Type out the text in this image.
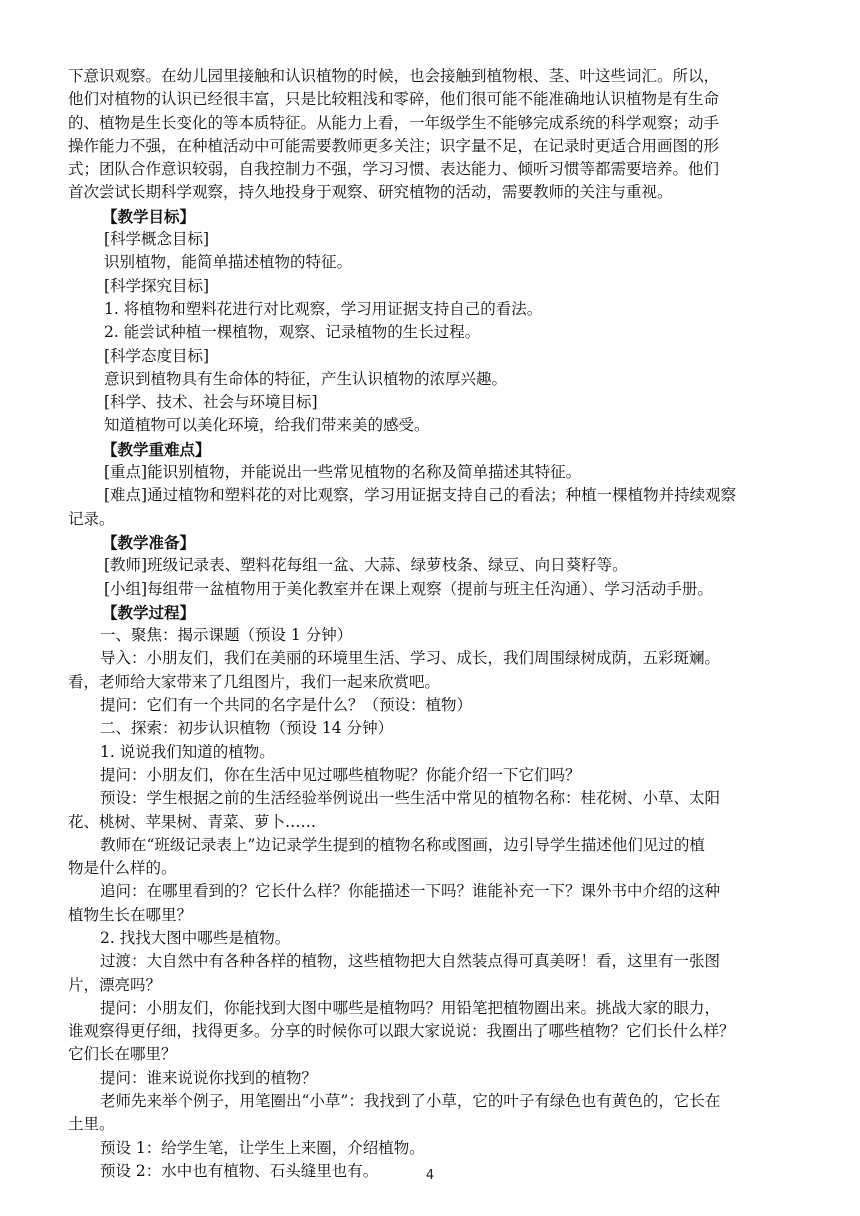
下意识观察。在幼儿园里接触和认识植物的时候，也会接触到植物根、茎、叶这些词汇。所以，
他们对植物的认识已经很丰富，只是比较粗浅和零碎，他们很可能不能准确地认识植物是有生命
的、植物是生长变化的等本质特征。从能力上看，一年级学生不能够完成系统的科学观察；动手
操作能力不强，在种植活动中可能需要教师更多关注；识字量不足，在记录时更适合用画图的形
式；团队合作意识较弱，自我控制力不强，学习习惯、表达能力、倾听习惯等都需要培养。他们
首次尝试长期科学观察，持久地投身于观察、研究植物的活动，需要教师的关注与重视。
【教学目标】
[科学概念目标]
识别植物，能简单描述植物的特征。
[科学探究目标]
1. 将植物和塑料花进行对比观察，学习用证据支持自己的看法。
2. 能尝试种植一棵植物，观察、记录植物的生长过程。
[科学态度目标]
意识到植物具有生命体的特征，产生认识植物的浓厚兴趣。
[科学、技术、社会与环境目标]
知道植物可以美化环境，给我们带来美的感受。
【教学重难点】
[重点]能识别植物，并能说出一些常见植物的名称及简单描述其特征。
[难点]通过植物和塑料花的对比观察，学习用证据支持自己的看法；种植一棵植物并持续观察
记录。
【教学准备】
[教师]班级记录表、塑料花每组一盆、大蒜、绿萝枝条、绿豆、向日葵籽等。
[小组]每组带一盆植物用于美化教室并在课上观察（提前与班主任沟通）、学习活动手册。
【教学过程】
一、聚焦：揭示课题（预设 1 分钟）
导入：小朋友们，我们在美丽的环境里生活、学习、成长，我们周围绿树成荫，五彩斑斓。
看，老师给大家带来了几组图片，我们一起来欣赏吧。
提问：它们有一个共同的名字是什么？（预设：植物）
二、探索：初步认识植物（预设 14 分钟）
1. 说说我们知道的植物。
提问：小朋友们，你在生活中见过哪些植物呢？你能介绍一下它们吗？
预设：学生根据之前的生活经验举例说出一些生活中常见的植物名称：桂花树、小草、太阳
花、桃树、苹果树、青菜、萝卜……
教师在“班级记录表上”边记录学生提到的植物名称或图画，边引导学生描述他们见过的植
物是什么样的。
追问：在哪里看到的？它长什么样？你能描述一下吗？谁能补充一下？课外书中介绍的这种
植物生长在哪里？
2. 找找大图中哪些是植物。
过渡：大自然中有各种各样的植物，这些植物把大自然装点得可真美呀！看，这里有一张图
片，漂亮吗？
提问：小朋友们，你能找到大图中哪些是植物吗？用铅笔把植物圈出来。挑战大家的眼力，
谁观察得更仔细，找得更多。分享的时候你可以跟大家说说：我圈出了哪些植物？它们长什么样？
它们长在哪里？
提问：谁来说说你找到的植物？
老师先来举个例子，用笔圈出“小草”：我找到了小草，它的叶子有绿色也有黄色的，它长在
土里。
预设 1：给学生笔，让学生上来圈，介绍植物。
预设 2：水中也有植物、石头缝里也有。	4
